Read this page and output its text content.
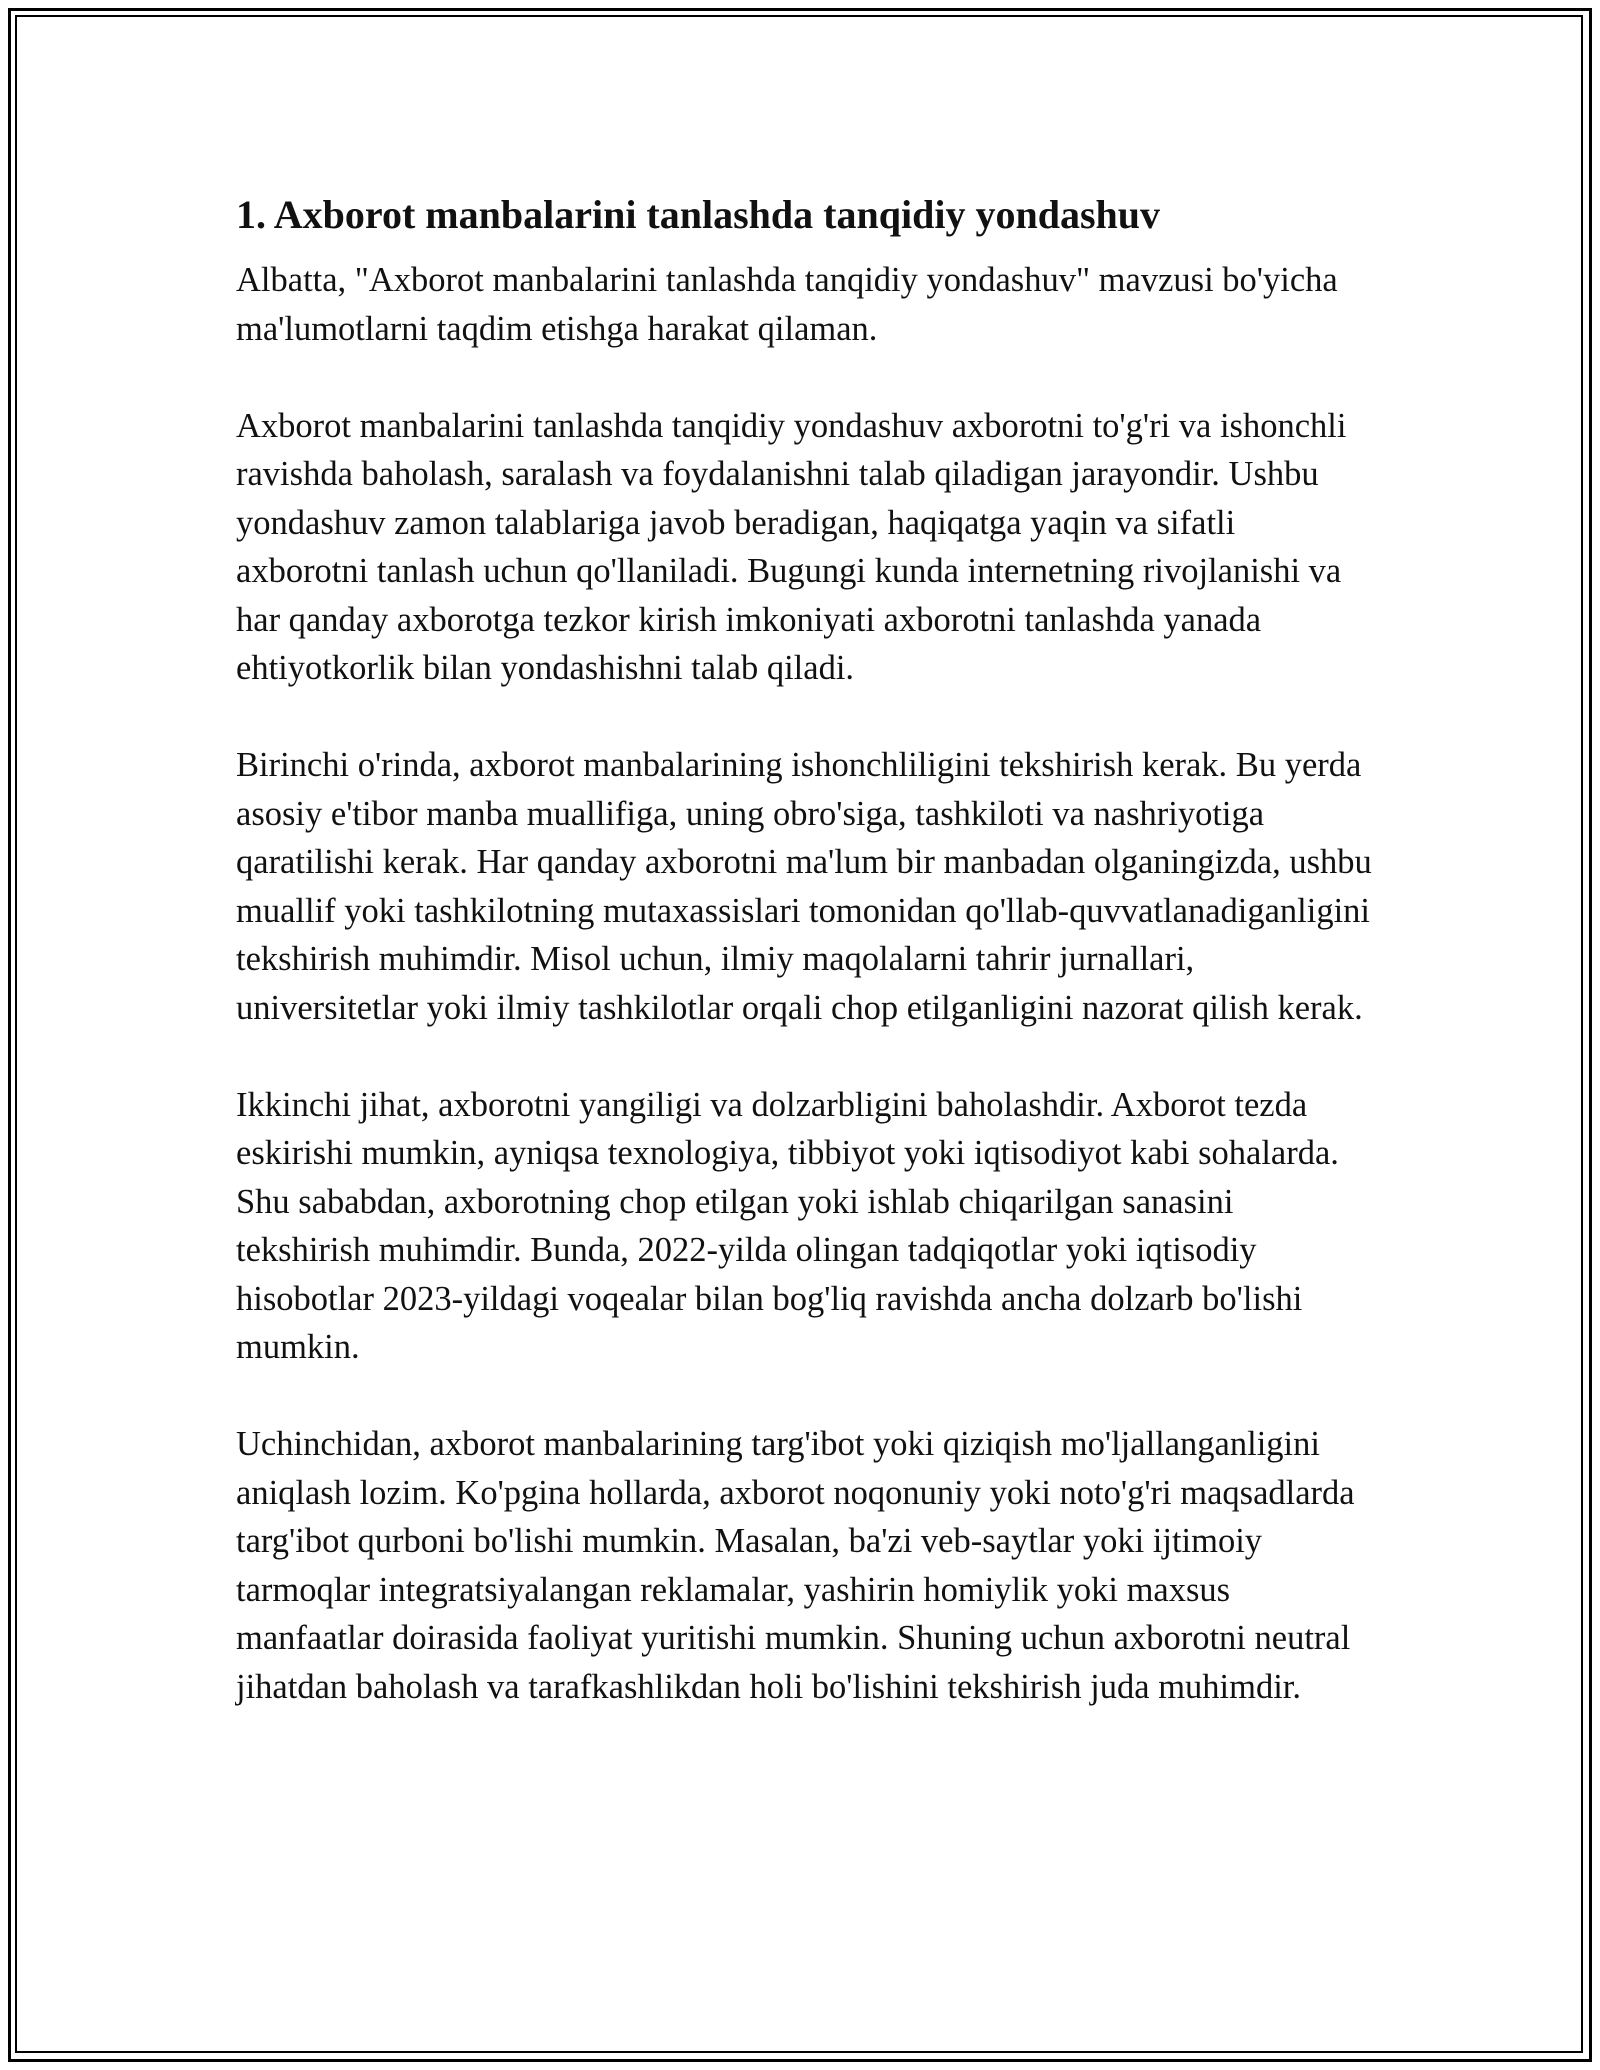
1. Axborot manbalarini tanlashda tanqidiy yondashuv

Albatta, "Axborot manbalarini tanlashda tanqidiy yondashuv" mavzusi bo'yicha ma'lumotlarni taqdim etishga harakat qilaman.

Axborot manbalarini tanlashda tanqidiy yondashuv axborotni to'g'ri va ishonchli ravishda baholash, saralash va foydalanishni talab qiladigan jarayondir. Ushbu yondashuv zamon talablariga javob beradigan, haqiqatga yaqin va sifatli axborotni tanlash uchun qo'llaniladi. Bugungi kunda internetning rivojlanishi va har qanday axborotga tezkor kirish imkoniyati axborotni tanlashda yanada ehtiyotkorlik bilan yondashishni talab qiladi.

Birinchi o'rinda, axborot manbalarining ishonchliligini tekshirish kerak. Bu yerda asosiy e'tibor manba muallifiga, uning obro'siga, tashkiloti va nashriyotiga qaratilishi kerak. Har qanday axborotni ma'lum bir manbadan olganingizda, ushbu muallif yoki tashkilotning mutaxassislari tomonidan qo'llab-quvvatlanadiganligini tekshirish muhimdir. Misol uchun, ilmiy maqolalarni tahrir jurnallari, universitetlar yoki ilmiy tashkilotlar orqali chop etilganligini nazorat qilish kerak.

Ikkinchi jihat, axborotni yangiligi va dolzarbligini baholashdir. Axborot tezda eskirishi mumkin, ayniqsa texnologiya, tibbiyot yoki iqtisodiyot kabi sohalarda. Shu sababdan, axborotning chop etilgan yoki ishlab chiqarilgan sanasini tekshirish muhimdir. Bunda, 2022-yilda olingan tadqiqotlar yoki iqtisodiy hisobotlar 2023-yildagi voqealar bilan bog'liq ravishda ancha dolzarb bo'lishi mumkin.

Uchinchidan, axborot manbalarining targ'ibot yoki qiziqish mo'ljallanganligini aniqlash lozim. Ko'pgina hollarda, axborot noqonuniy yoki noto'g'ri maqsadlarda targ'ibot qurboni bo'lishi mumkin. Masalan, ba'zi veb-saytlar yoki ijtimoiy tarmoqlar integratsiyalangan reklamalar, yashirin homiylik yoki maxsus manfaatlar doirasida faoliyat yuritishi mumkin. Shuning uchun axborotni neutral jihatdan baholash va tarafkashlikdan holi bo'lishini tekshirish juda muhimdir.
